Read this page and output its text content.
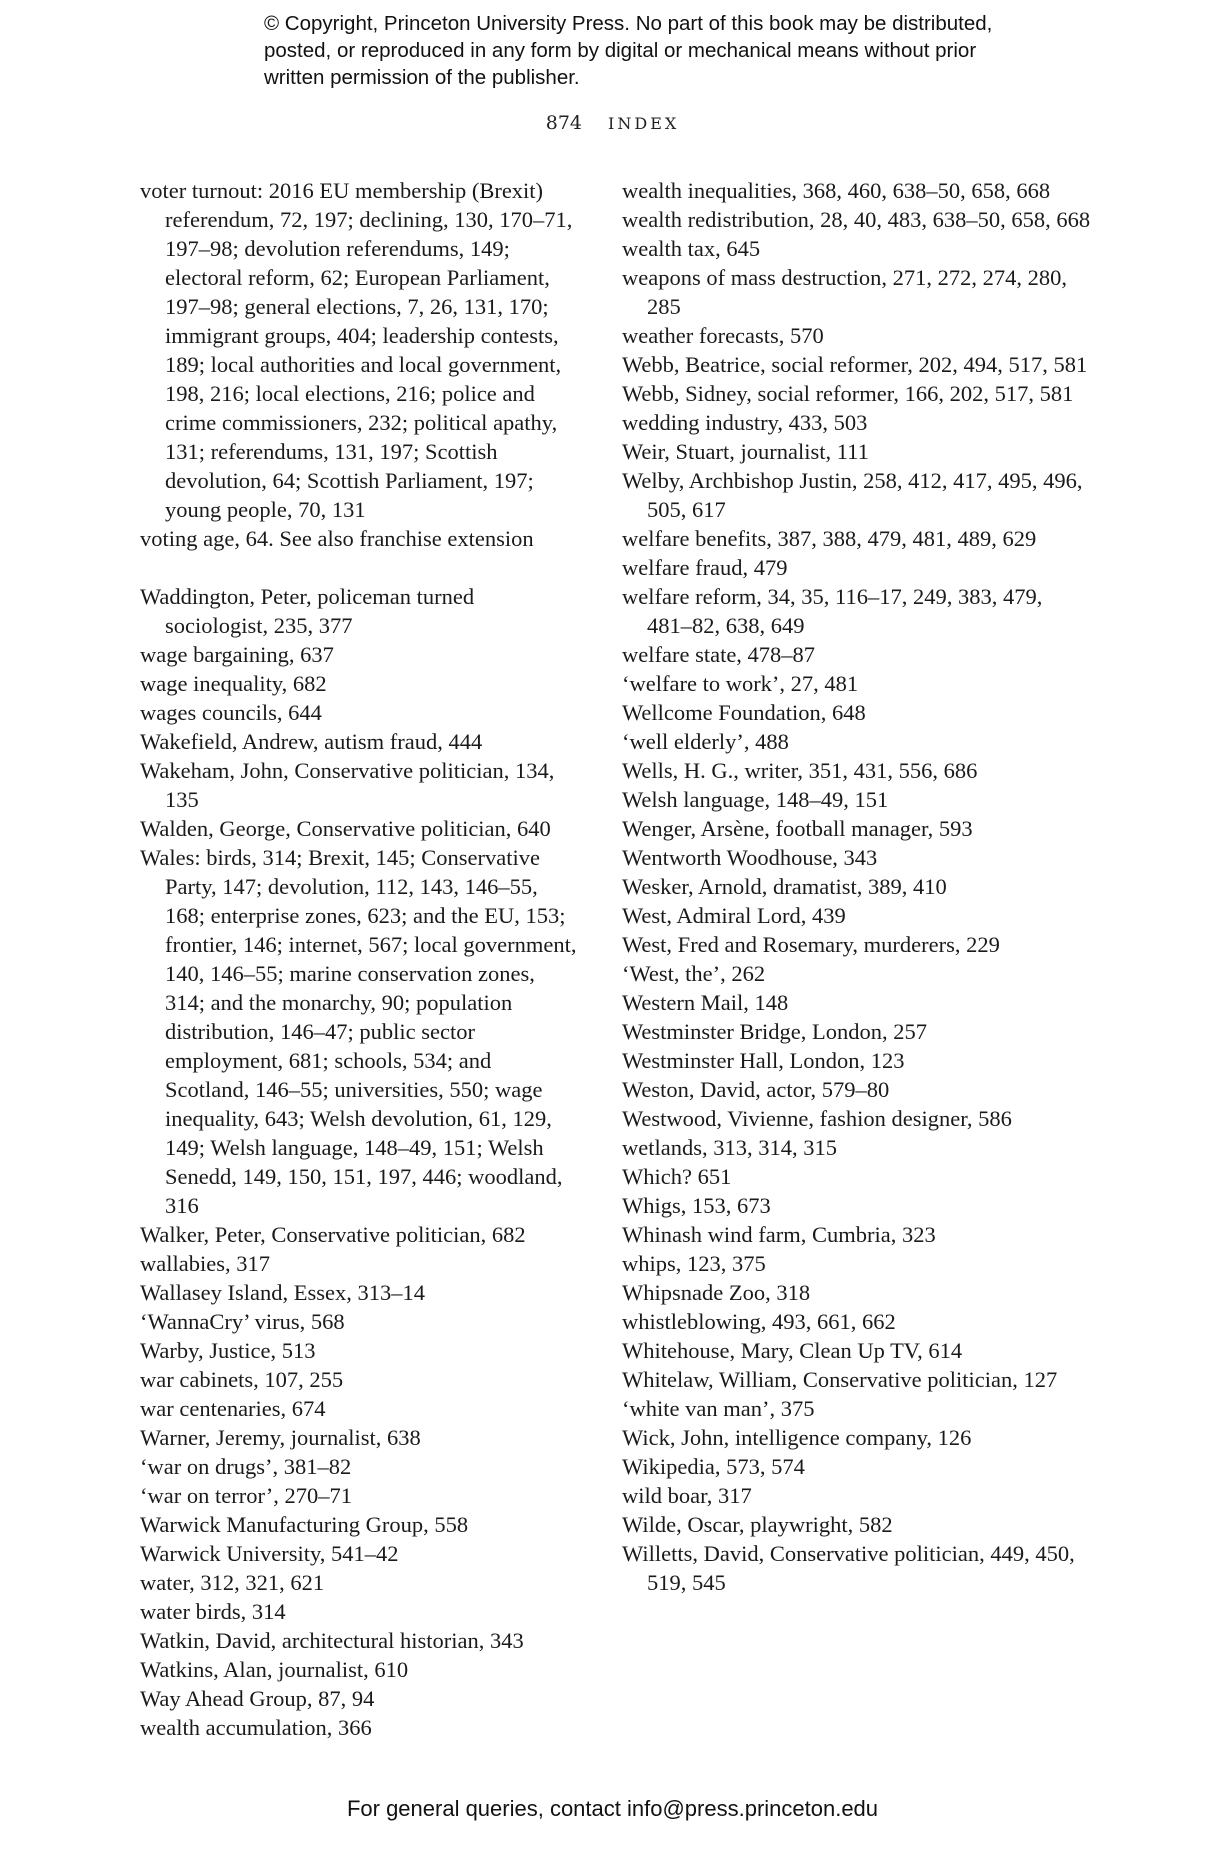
© Copyright, Princeton University Press. No part of this book may be distributed, posted, or reproduced in any form by digital or mechanical means without prior written permission of the publisher.
874 INDEX

voter turnout: 2016 EU membership (Brexit) referendum, 72, 197; declining, 130, 170–71, 197–98; devolution referendums, 149; electoral reform, 62; European Parliament, 197–98; general elections, 7, 26, 131, 170; immigrant groups, 404; leadership contests, 189; local authorities and local government, 198, 216; local elections, 216; police and crime commissioners, 232; political apathy, 131; referendums, 131, 197; Scottish devolution, 64; Scottish Parliament, 197; young people, 70, 131

voting age, 64. See also franchise extension

Waddington, Peter, policeman turned sociologist, 235, 377

wage bargaining, 637

wage inequality, 682

wages councils, 644

Wakefield, Andrew, autism fraud, 444

Wakeham, John, Conservative politician, 134, 135

Walden, George, Conservative politician, 640

Wales: birds, 314; Brexit, 145; Conservative Party, 147; devolution, 112, 143, 146–55, 168; enterprise zones, 623; and the EU, 153; frontier, 146; internet, 567; local government, 140, 146–55; marine conservation zones, 314; and the monarchy, 90; population distribution, 146–47; public sector employment, 681; schools, 534; and Scotland, 146–55; universities, 550; wage inequality, 643; Welsh devolution, 61, 129, 149; Welsh language, 148–49, 151; Welsh Senedd, 149, 150, 151, 197, 446; woodland, 316

Walker, Peter, Conservative politician, 682

wallabies, 317

Wallasey Island, Essex, 313–14

‘WannaCry’ virus, 568

Warby, Justice, 513

war cabinets, 107, 255

war centenaries, 674

Warner, Jeremy, journalist, 638

‘war on drugs’, 381–82

‘war on terror’, 270–71

Warwick Manufacturing Group, 558

Warwick University, 541–42

water, 312, 321, 621

water birds, 314

Watkin, David, architectural historian, 343

Watkins, Alan, journalist, 610

Way Ahead Group, 87, 94

wealth accumulation, 366

wealth inequalities, 368, 460, 638–50, 658, 668

wealth redistribution, 28, 40, 483, 638–50, 658, 668

wealth tax, 645

weapons of mass destruction, 271, 272, 274, 280, 285

weather forecasts, 570

Webb, Beatrice, social reformer, 202, 494, 517, 581

Webb, Sidney, social reformer, 166, 202, 517, 581

wedding industry, 433, 503

Weir, Stuart, journalist, 111

Welby, Archbishop Justin, 258, 412, 417, 495, 496, 505, 617

welfare benefits, 387, 388, 479, 481, 489, 629

welfare fraud, 479

welfare reform, 34, 35, 116–17, 249, 383, 479, 481–82, 638, 649

welfare state, 478–87

‘welfare to work’, 27, 481

Wellcome Foundation, 648

‘well elderly’, 488

Wells, H. G., writer, 351, 431, 556, 686

Welsh language, 148–49, 151

Wenger, Arsène, football manager, 593

Wentworth Woodhouse, 343

Wesker, Arnold, dramatist, 389, 410

West, Admiral Lord, 439

West, Fred and Rosemary, murderers, 229

‘West, the’, 262

Western Mail, 148

Westminster Bridge, London, 257

Westminster Hall, London, 123

Weston, David, actor, 579–80

Westwood, Vivienne, fashion designer, 586

wetlands, 313, 314, 315

Which? 651

Whigs, 153, 673

Whinash wind farm, Cumbria, 323

whips, 123, 375

Whipsnade Zoo, 318

whistleblowing, 493, 661, 662

Whitehouse, Mary, Clean Up TV, 614

Whitelaw, William, Conservative politician, 127

‘white van man’, 375

Wick, John, intelligence company, 126

Wikipedia, 573, 574

wild boar, 317

Wilde, Oscar, playwright, 582

Willetts, David, Conservative politician, 449, 450, 519, 545

For general queries, contact info@press.princeton.edu
